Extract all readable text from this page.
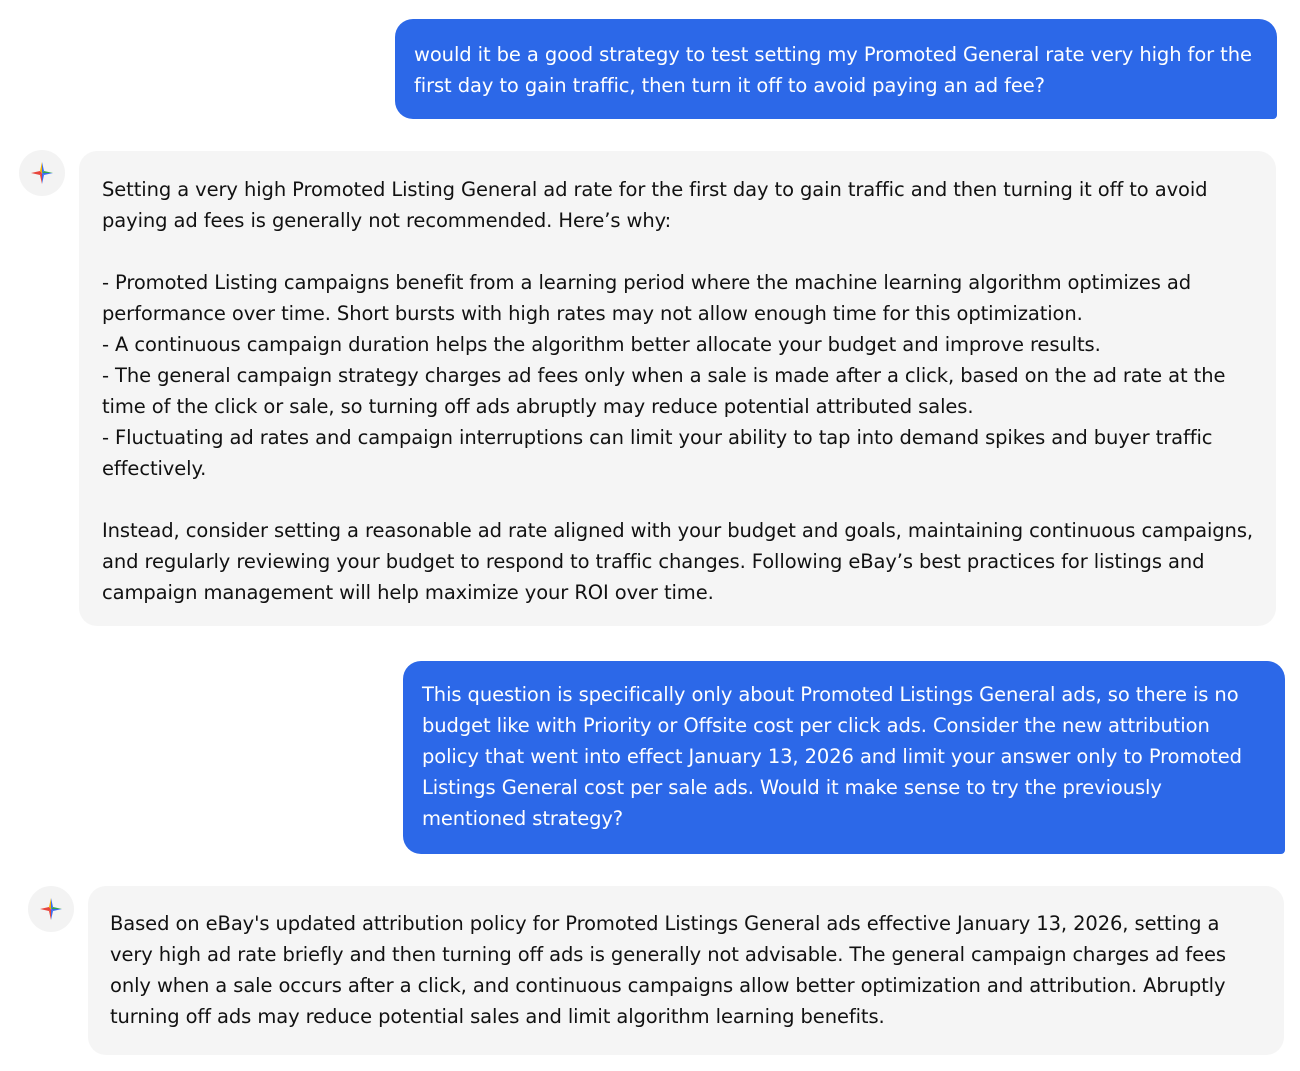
would it be a good strategy to test setting my Promoted General rate very high for the first day to gain traffic, then turn it off to avoid paying an ad fee?

Setting a very high Promoted Listing General ad rate for the first day to gain traffic and then turning it off to avoid paying ad fees is generally not recommended. Here’s why:

- Promoted Listing campaigns benefit from a learning period where the machine learning algorithm optimizes ad performance over time. Short bursts with high rates may not allow enough time for this optimization.
- A continuous campaign duration helps the algorithm better allocate your budget and improve results.
- The general campaign strategy charges ad fees only when a sale is made after a click, based on the ad rate at the time of the click or sale, so turning off ads abruptly may reduce potential attributed sales.
- Fluctuating ad rates and campaign interruptions can limit your ability to tap into demand spikes and buyer traffic effectively.

Instead, consider setting a reasonable ad rate aligned with your budget and goals, maintaining continuous campaigns, and regularly reviewing your budget to respond to traffic changes. Following eBay’s best practices for listings and campaign management will help maximize your ROI over time.

This question is specifically only about Promoted Listings General ads, so there is no budget like with Priority or Offsite cost per click ads. Consider the new attribution policy that went into effect January 13, 2026 and limit your answer only to Promoted Listings General cost per sale ads. Would it make sense to try the previously mentioned strategy?

Based on eBay's updated attribution policy for Promoted Listings General ads effective January 13, 2026, setting a very high ad rate briefly and then turning off ads is generally not advisable. The general campaign charges ad fees only when a sale occurs after a click, and continuous campaigns allow better optimization and attribution. Abruptly turning off ads may reduce potential sales and limit algorithm learning benefits.
